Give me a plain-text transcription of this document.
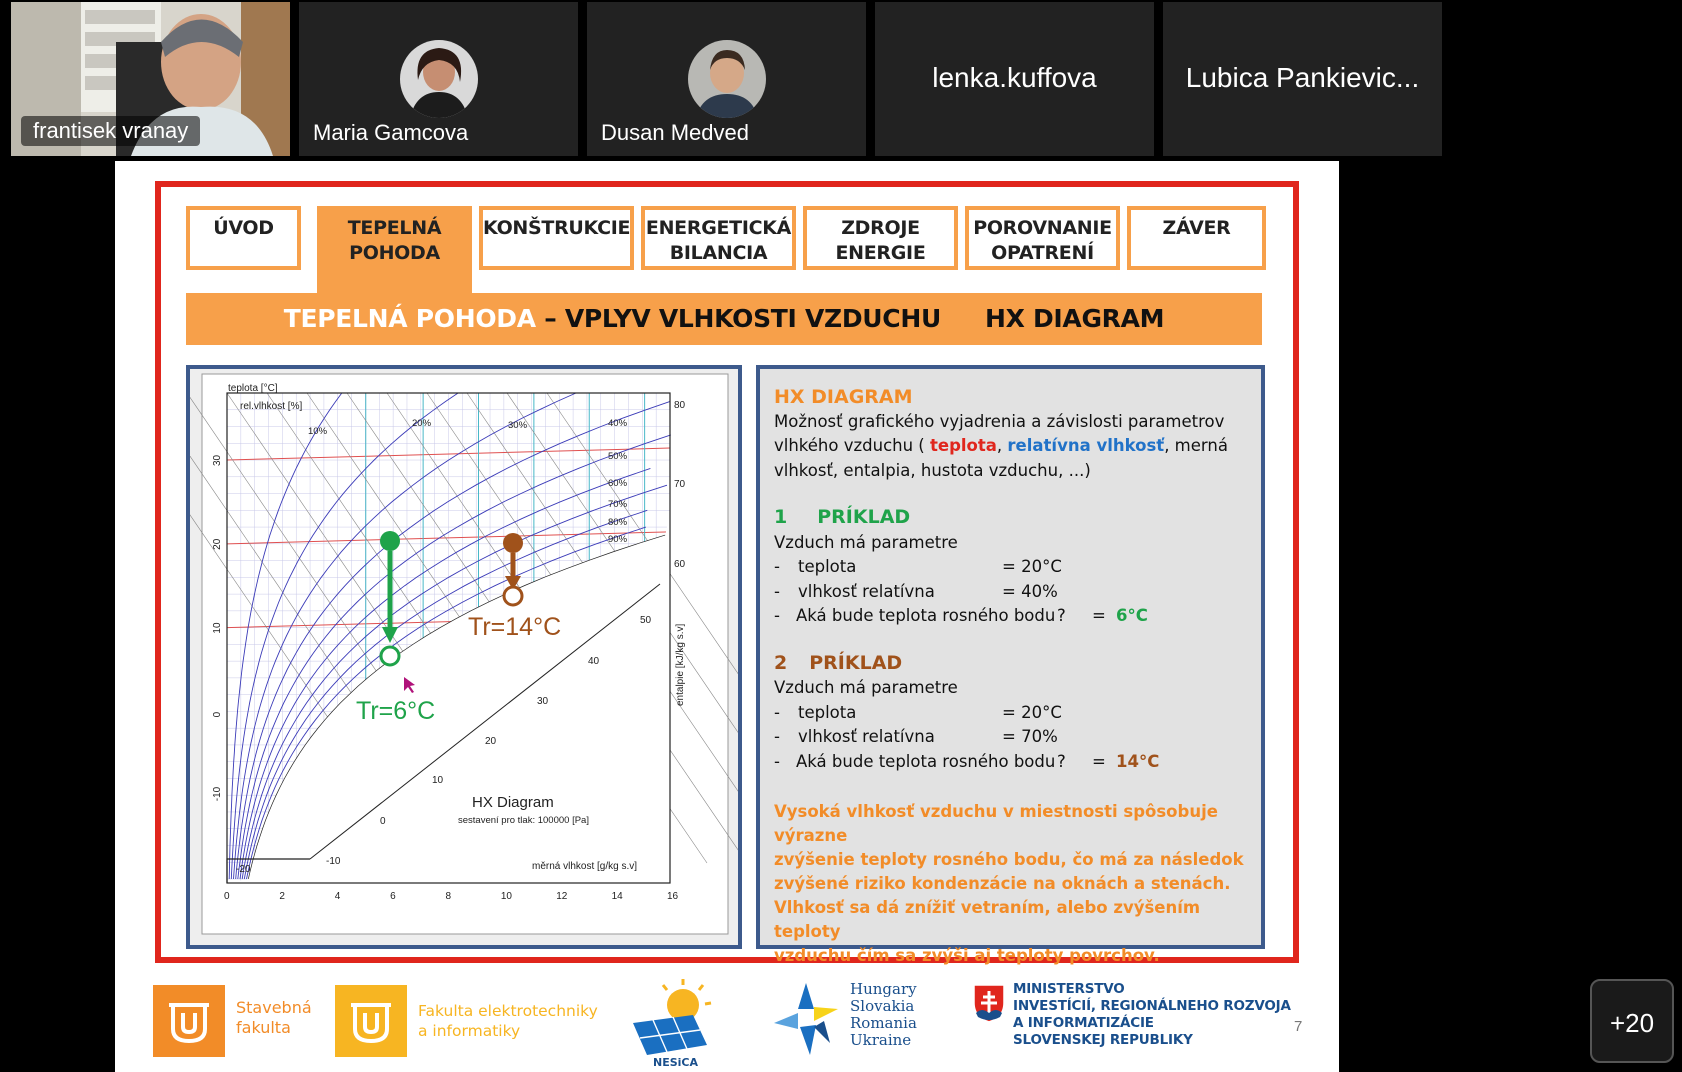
frantisek vranay	Maria Gamcova	Dusan Medved
lenka.kuffova	Lubica Pankievic...
ÚVOD	TEPELNÁ
POHODA
KONŠTRUKCIE ENERGETICKÁ
BILANCIA
ZDROJE
ENERGIE
POROVNANIE
OPATRENÍ
ZÁVER
TEPELNÁ POHODA – VPLYV VLHKOSTI VZDUCHU HX DIAGRAM
teplota [°C]
rel.vlhkost [%]
0	2	4	6	8	10	12	14	16
30
20
10
0
-10
10%
20%	30%	40%
50%
60%
70%
80%
90%
80
70
60
50
40
30
20
10
0
-10
-20	měrná vlhkost [g/kg s.v]
entalpie [kJ/kg s.v]
HX Diagram
sestavení pro tlak: 100000 [Pa]
Tr=6°C
Tr=14°C
HX DIAGRAM
Možnosť grafického vyjadrenia a závislosti parametrov
vlhkého vzduchu ( teplota, relatívna vlhkosť, merná
vlhkosť, entalpia, hustota vzduchu, ...)
1 PRÍKLAD
Vzduch má parametre
- teplota	= 20°C
- vlhkosť relatívna	= 40%
- Aká bude teplota rosného bodu ? = 6°C
2 PRÍKLAD
Vzduch má parametre
- teplota	= 20°C
- vlhkosť relatívna	= 70%
- Aká bude teplota rosného bodu ? = 14°C
Vysoká vlhkosť vzduchu v miestnosti spôsobuje výrazne
zvýšenie teploty rosného bodu, čo má za následok
zvýšené riziko kondenzácie na oknách a stenách.
Vlhkosť sa dá znížiť vetraním, alebo zvýšením teploty
vzduchu čím sa zvýši aj teploty povrchov.
Stavebná
fakulta
Fakulta elektrotechniky
a informatiky
NESiCA
Hungary
Slovakia
Romania
Ukraine
MINISTERSTVO
INVESTÍCIÍ, REGIONÁLNEHO ROZVOJA
A INFORMATIZÁCIE
SLOVENSKEJ REPUBLIKY
7	+20
